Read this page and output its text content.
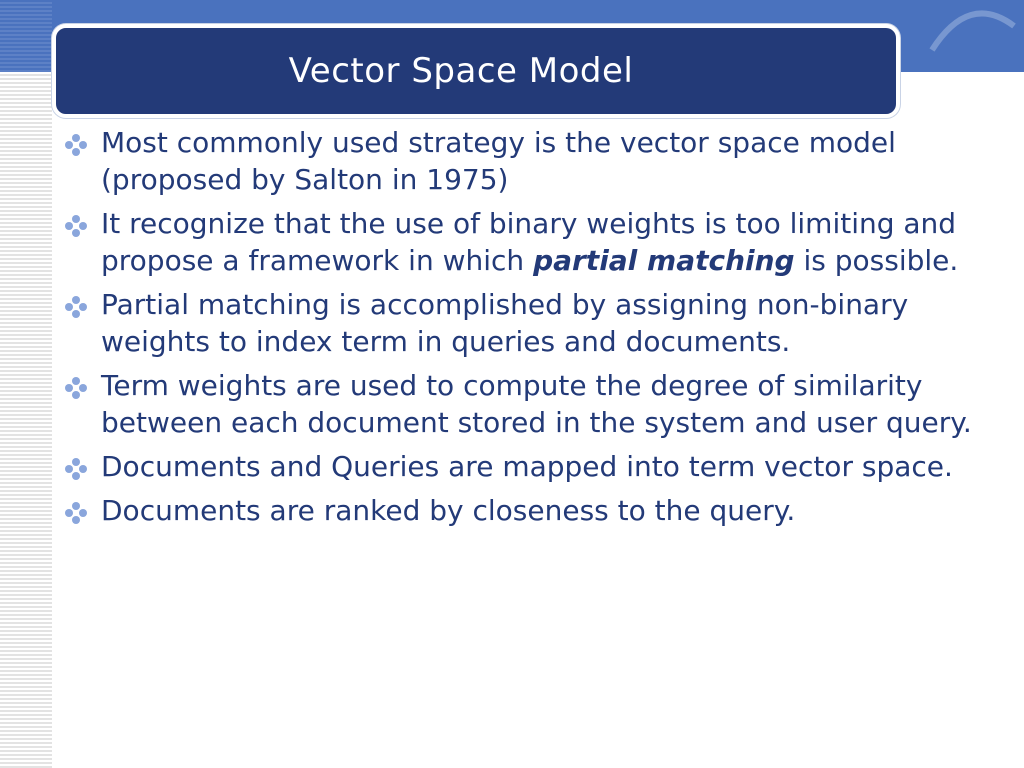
Vector Space Model
Most commonly used strategy is the vector space model (proposed by Salton in 1975)
It recognize that the use of binary weights is too limiting and propose a framework in which partial matching is possible.
Partial matching is accomplished by assigning non-binary weights to index term in queries and documents.
Term weights are used to compute the degree of similarity between each document stored in the system and user query.
Documents and Queries are mapped into term vector space.
Documents are ranked by closeness to the query.
